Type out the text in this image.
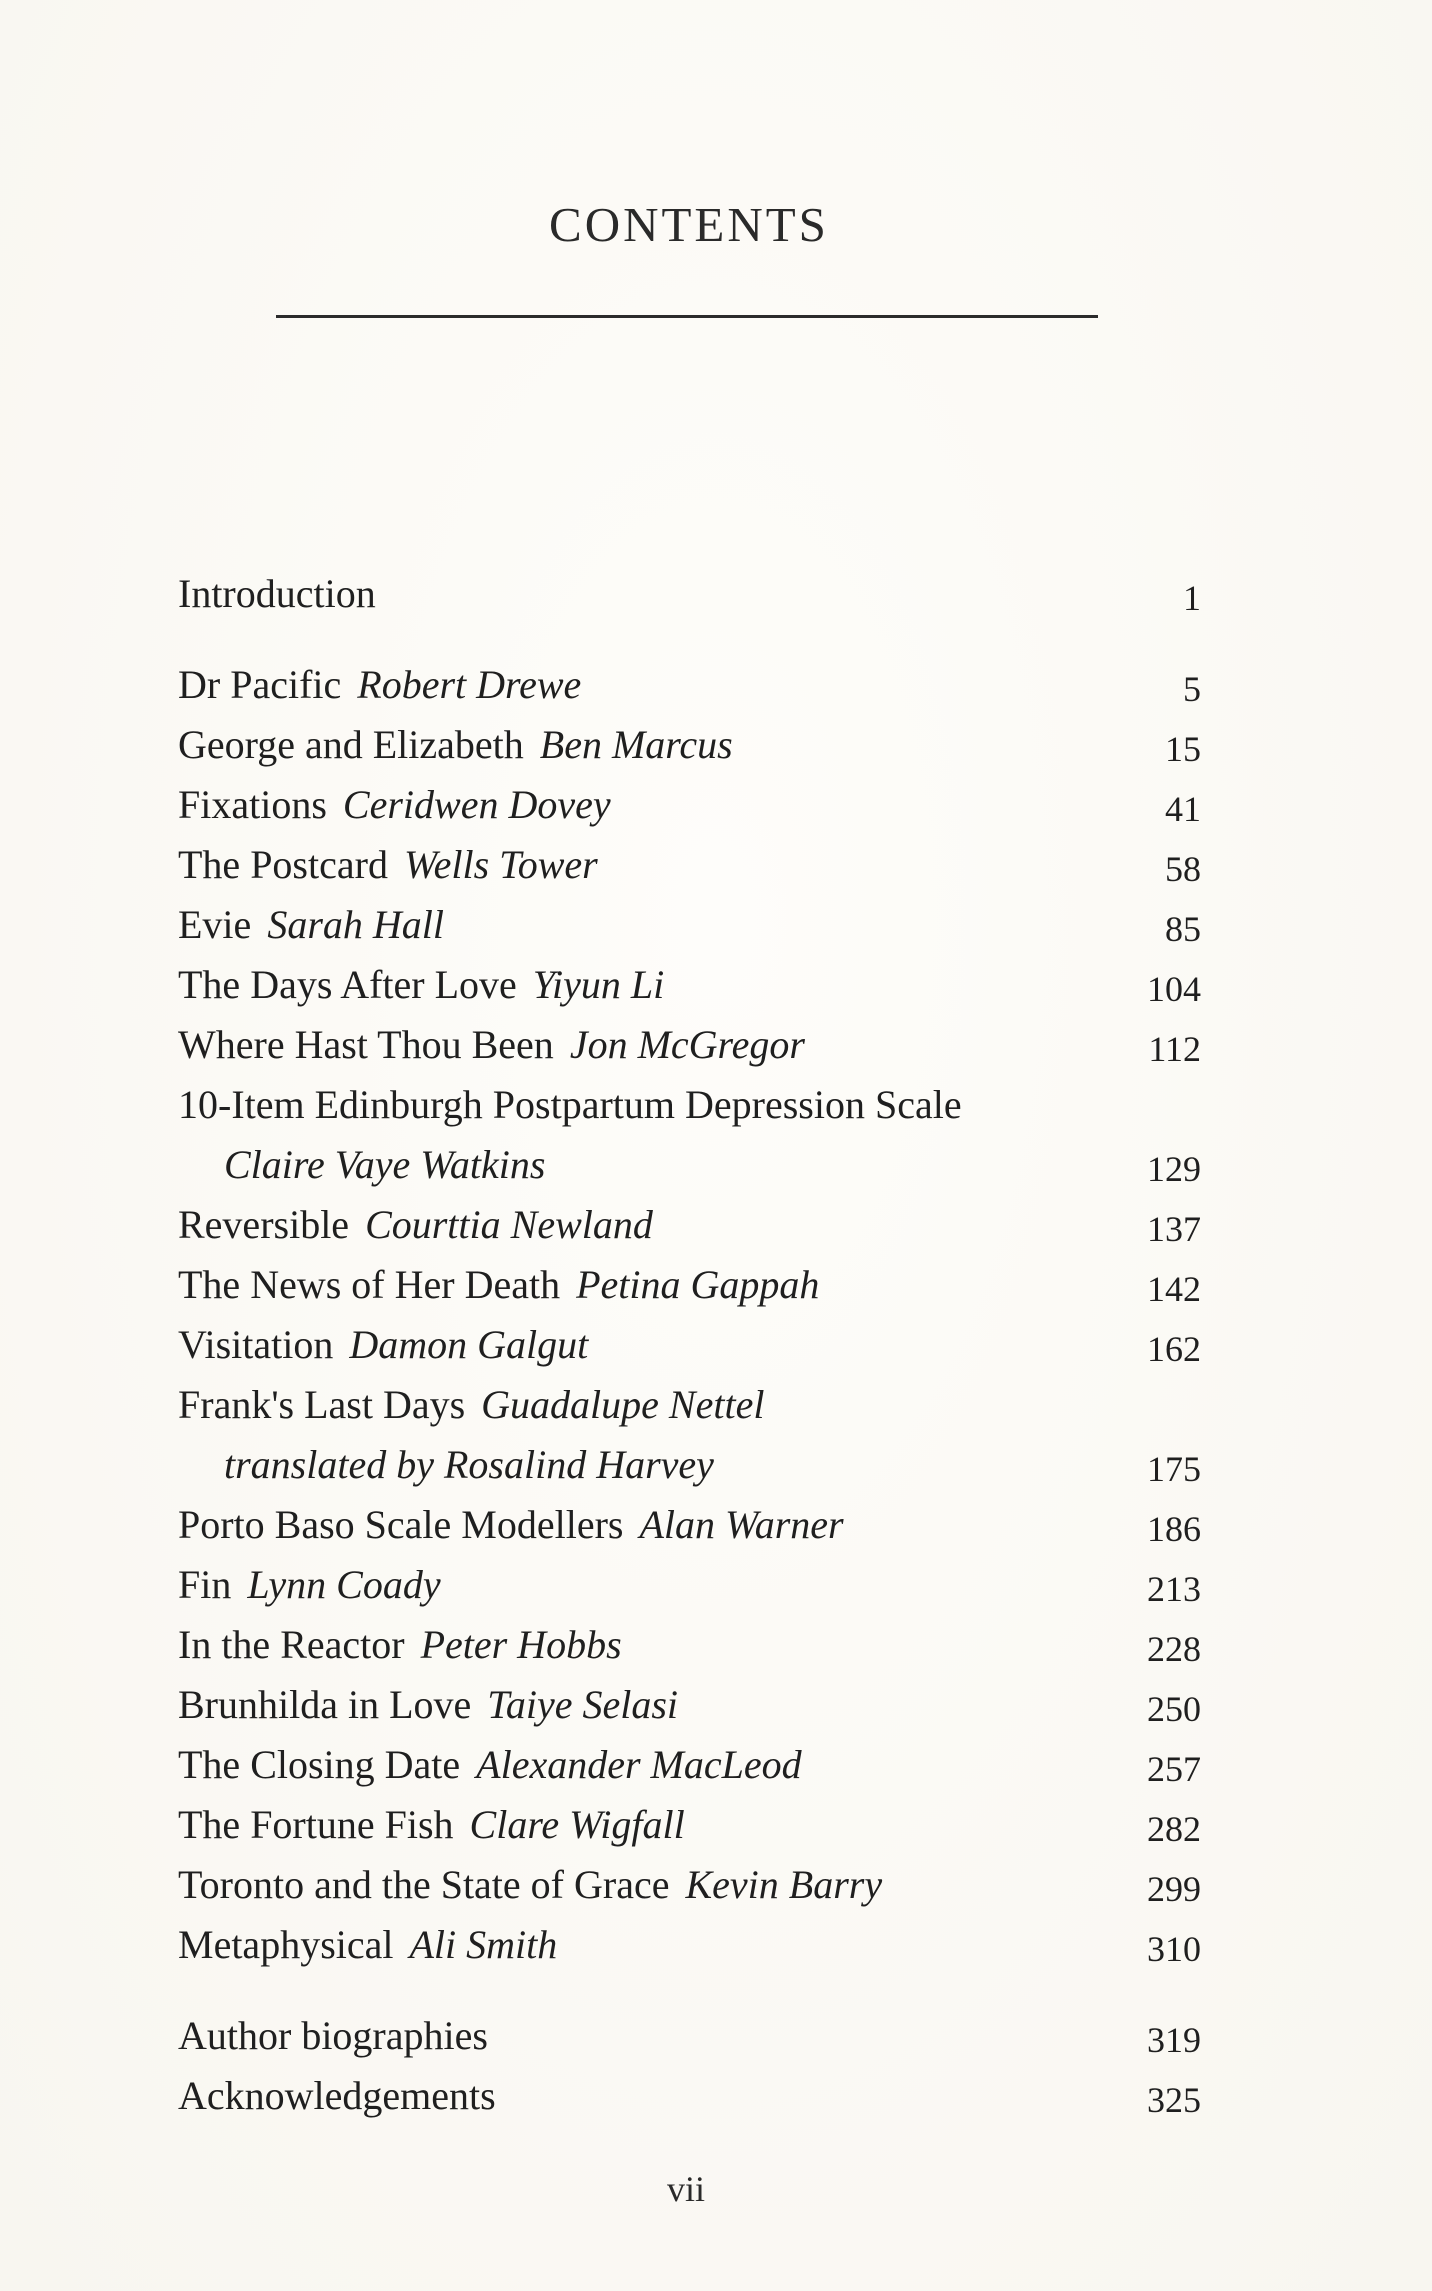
CONTENTS
Introduction	1
Dr Pacific Robert Drewe	5
George and Elizabeth Ben Marcus	15
Fixations Ceridwen Dovey	41
The Postcard Wells Tower	58
Evie Sarah Hall	85
The Days After Love Yiyun Li	104
Where Hast Thou Been Jon McGregor	112
10-Item Edinburgh Postpartum Depression Scale
Claire Vaye Watkins	129
Reversible Courttia Newland	137
The News of Her Death Petina Gappah	142
Visitation Damon Galgut	162
Frank's Last Days Guadalupe Nettel
translated by Rosalind Harvey	175
Porto Baso Scale Modellers Alan Warner	186
Fin Lynn Coady	213
In the Reactor Peter Hobbs	228
Brunhilda in Love Taiye Selasi	250
The Closing Date Alexander MacLeod	257
The Fortune Fish Clare Wigfall	282
Toronto and the State of Grace Kevin Barry	299
Metaphysical Ali Smith	310
Author biographies	319
Acknowledgements	325
vii
